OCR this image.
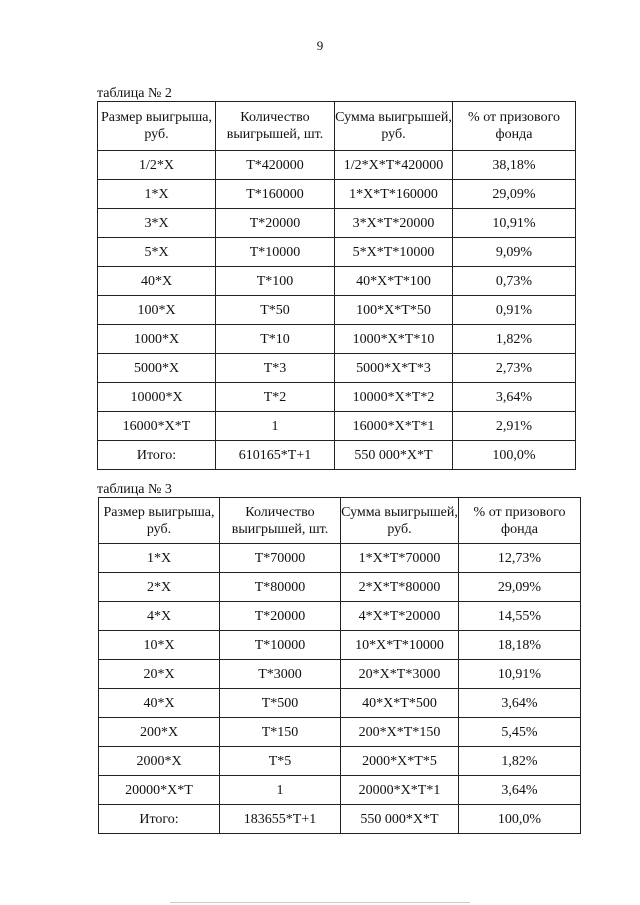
9
таблица № 2
Размер выигрыша, руб.	Количество выигрышей, шт.	Сумма выигрышей, руб.	% от призового фонда
1/2*X	T*420000	1/2*X*T*420000	38,18%
1*X	T*160000	1*X*T*160000	29,09%
3*X	T*20000	3*X*T*20000	10,91%
5*X	T*10000	5*X*T*10000	9,09%
40*X	T*100	40*X*T*100	0,73%
100*X	T*50	100*X*T*50	0,91%
1000*X	T*10	1000*X*T*10	1,82%
5000*X	T*3	5000*X*T*3	2,73%
10000*X	T*2	10000*X*T*2	3,64%
16000*X*T	1	16000*X*T*1	2,91%
Итого:	610165*T+1	550 000*X*T	100,0%
таблица № 3
Размер выигрыша, руб.	Количество выигрышей, шт.	Сумма выигрышей, руб.	% от призового фонда
1*X	T*70000	1*X*T*70000	12,73%
2*X	T*80000	2*X*T*80000	29,09%
4*X	T*20000	4*X*T*20000	14,55%
10*X	T*10000	10*X*T*10000	18,18%
20*X	T*3000	20*X*T*3000	10,91%
40*X	T*500	40*X*T*500	3,64%
200*X	T*150	200*X*T*150	5,45%
2000*X	T*5	2000*X*T*5	1,82%
20000*X*T	1	20000*X*T*1	3,64%
Итого:	183655*T+1	550 000*X*T	100,0%
